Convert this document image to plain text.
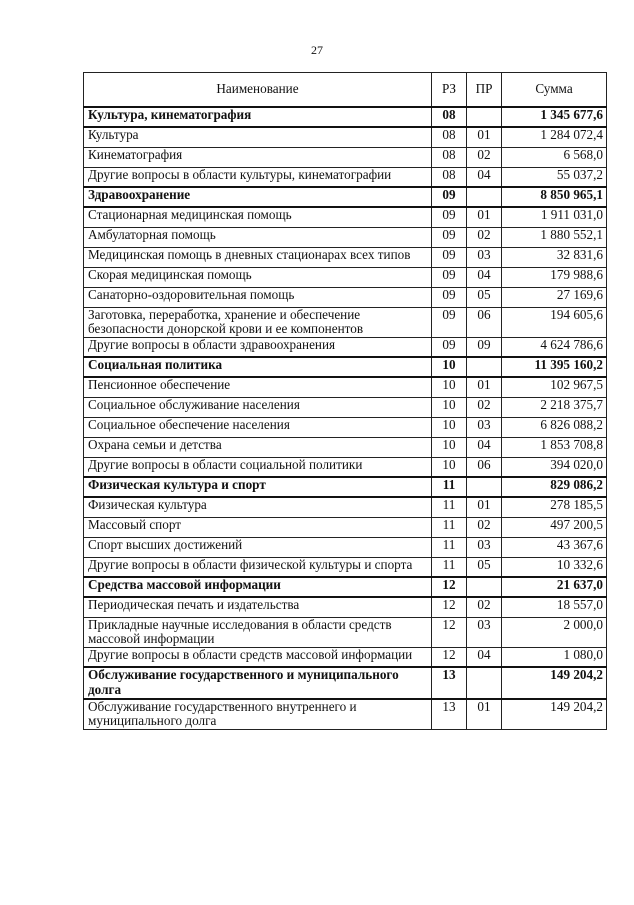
27
Наименование	РЗ	ПР	Сумма
Культура, кинематография	08		1 345 677,6
Культура	08	01	1 284 072,4
Кинематография	08	02	6 568,0
Другие вопросы в области культуры, кинематографии	08	04	55 037,2
Здравоохранение	09		8 850 965,1
Стационарная медицинская помощь	09	01	1 911 031,0
Амбулаторная помощь	09	02	1 880 552,1
Медицинская помощь в дневных стационарах всех типов	09	03	32 831,6
Скорая медицинская помощь	09	04	179 988,6
Санаторно-оздоровительная помощь	09	05	27 169,6
Заготовка, переработка, хранение и обеспечение безопасности донорской крови и ее компонентов	09	06	194 605,6
Другие вопросы в области здравоохранения	09	09	4 624 786,6
Социальная политика	10		11 395 160,2
Пенсионное обеспечение	10	01	102 967,5
Социальное обслуживание населения	10	02	2 218 375,7
Социальное обеспечение населения	10	03	6 826 088,2
Охрана семьи и детства	10	04	1 853 708,8
Другие вопросы в области социальной политики	10	06	394 020,0
Физическая культура и спорт	11		829 086,2
Физическая культура	11	01	278 185,5
Массовый спорт	11	02	497 200,5
Спорт высших достижений	11	03	43 367,6
Другие вопросы в области физической культуры и спорта	11	05	10 332,6
Средства массовой информации	12		21 637,0
Периодическая печать и издательства	12	02	18 557,0
Прикладные научные исследования в области средств массовой информации	12	03	2 000,0
Другие вопросы в области средств массовой информации	12	04	1 080,0
Обслуживание государственного и муниципального долга	13		149 204,2
Обслуживание государственного внутреннего и муниципального долга	13	01	149 204,2
